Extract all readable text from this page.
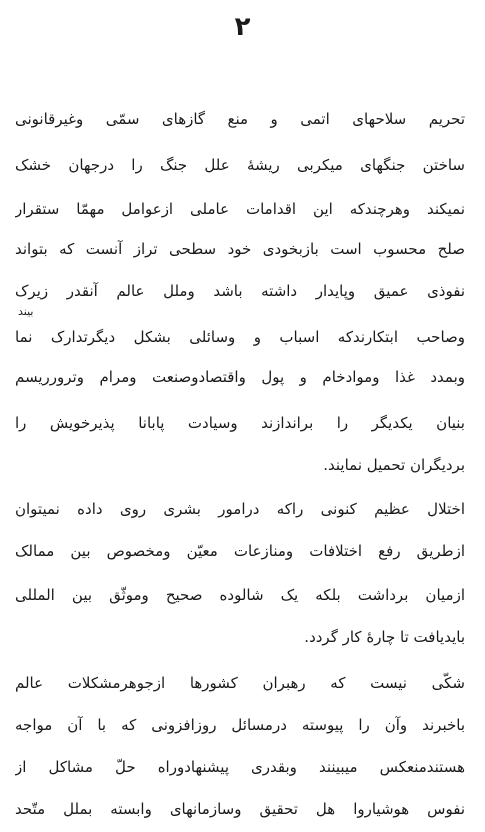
۲
تحریم سلاحهای اتمی و منع گازهای سمّی وغیرقانونی
ساختن جنگهای میکربی ریشهٔ علل جنگ را درجهان خشک
نمیکند وهرچندکه این اقدامات عاملی ازعوامل مهمّا ستقرار
صلح محسوب است بازبخودی خود سطحی تراز آنست که بتواند
نفوذی عمیق وپایدار داشته باشد وملل عالم آنقدر زیرک
بیند
وصاحب ابتکارندکه اسباب و وسائلی بشکل دیگرتدارک نما
وبمدد غذا وموادخام و پول واقتصادوصنعت ومرام وترورریسم
بنیان یکدیگر را براندازند وسیادت پابانا پذیرخویش را
بردیگران تحمیل نمایند.
اختلال عظیم کنونی راکه درامور بشری روی داده نمیتوان
ازطریق رفع اختلافات ومنازعات معیّن ومخصوص بین ممالک
ازمیان برداشت بلکه یک شالوده صحیح وموثّق بین المللی
بایدیافت تا چارهٔ کار گردد.
شکّی نیست که رهبران کشورها ازجوهرمشکلات عالم
باخبرند وآن را پیوسته درمسائل روزافزونی که با آن مواجه
هستندمنعکس میبینند وبقدری پیشنهادوراه حلّ مشاکل از
نفوس هوشیاروا هل تحقیق وسازمانهای وابسته بملل متّحد
